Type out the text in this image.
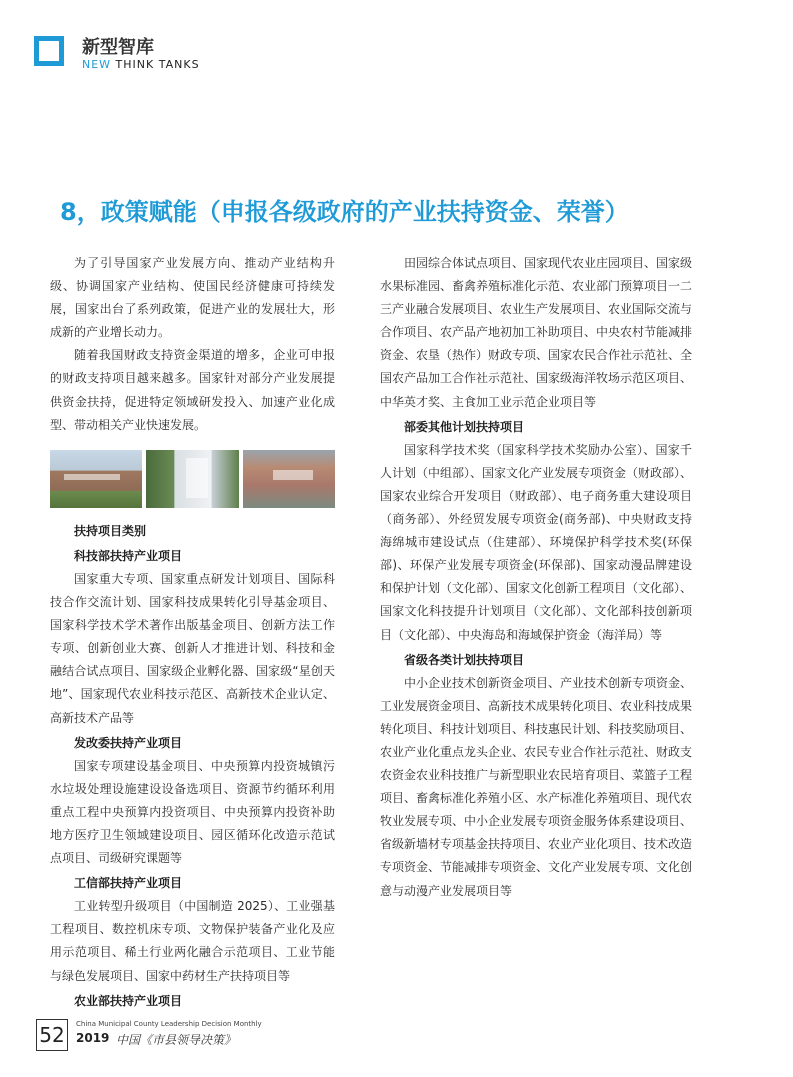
新型智库
NEW THINK TANKS
8，政策赋能（申报各级政府的产业扶持资金、荣誉）

为了引导国家产业发展方向、推动产业结构升级、协调国家产业结构、使国民经济健康可持续发展，国家出台了系列政策，促进产业的发展壮大，形成新的产业增长动力。

随着我国财政支持资金渠道的增多，企业可申报的财政支持项目越来越多。国家针对部分产业发展提供资金扶持，促进特定领域研发投入、加速产业化成型、带动相关产业快速发展。

扶持项目类别
科技部扶持产业项目

国家重大专项、国家重点研发计划项目、国际科技合作交流计划、国家科技成果转化引导基金项目、国家科学技术学术著作出版基金项目、创新方法工作专项、创新创业大赛、创新人才推进计划、科技和金融结合试点项目、国家级企业孵化器、国家级“星创天地”、国家现代农业科技示范区、高新技术企业认定、高新技术产品等

发改委扶持产业项目

国家专项建设基金项目、中央预算内投资城镇污水垃圾处理设施建设设备选项目、资源节约循环利用重点工程中央预算内投资项目、中央预算内投资补助地方医疗卫生领域建设项目、园区循环化改造示范试点项目、司级研究课题等

工信部扶持产业项目

工业转型升级项目（中国制造 2025）、工业强基工程项目、数控机床专项、文物保护装备产业化及应用示范项目、稀土行业两化融合示范项目、工业节能与绿色发展项目、国家中药材生产扶持项目等

农业部扶持产业项目

田园综合体试点项目、国家现代农业庄园项目、国家级水果标准园、畜禽养殖标准化示范、农业部门预算项目一二三产业融合发展项目、农业生产发展项目、农业国际交流与合作项目、农产品产地初加工补助项目、中央农村节能减排资金、农垦（热作）财政专项、国家农民合作社示范社、全国农产品加工合作社示范社、国家级海洋牧场示范区项目、中华英才奖、主食加工业示范企业项目等

部委其他计划扶持项目

国家科学技术奖（国家科学技术奖励办公室）、国家千人计划（中组部）、国家文化产业发展专项资金（财政部）、国家农业综合开发项目（财政部）、电子商务重大建设项目（商务部）、外经贸发展专项资金(商务部)、中央财政支持海绵城市建设试点（住建部）、环境保护科学技术奖(环保部)、环保产业发展专项资金(环保部)、国家动漫品牌建设和保护计划（文化部）、国家文化创新工程项目（文化部）、国家文化科技提升计划项目（文化部）、文化部科技创新项目（文化部）、中央海岛和海域保护资金（海洋局）等

省级各类计划扶持项目

中小企业技术创新资金项目、产业技术创新专项资金、工业发展资金项目、高新技术成果转化项目、农业科技成果转化项目、科技计划项目、科技惠民计划、科技奖励项目、农业产业化重点龙头企业、农民专业合作社示范社、财政支农资金农业科技推广与新型职业农民培育项目、菜篮子工程项目、畜禽标准化养殖小区、水产标准化养殖项目、现代农牧业发展专项、中小企业发展专项资金服务体系建设项目、省级新墙材专项基金扶持项目、农业产业化项目、技术改造专项资金、节能减排专项资金、文化产业发展专项、文化创意与动漫产业发展项目等

52	China Municipal County Leadership Decision Monthly
2019 中国《市县领导决策》
